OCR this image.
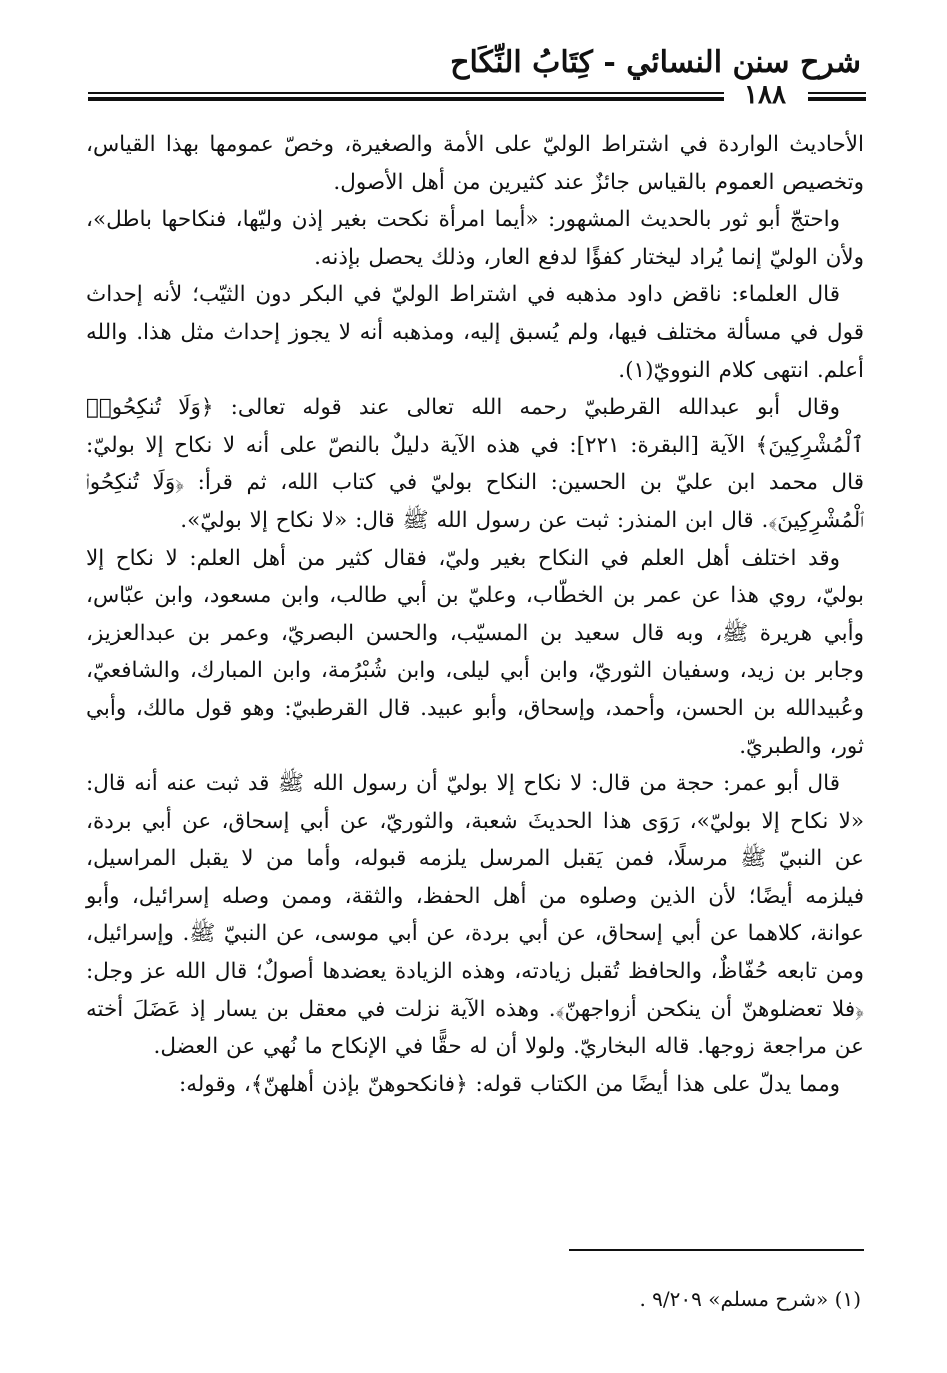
شرح سنن النسائي - كِتَابُ النِّكَاح
١٨٨

الأحاديث الواردة في اشتراط الوليّ على الأمة والصغيرة، وخصّ عمومها بهذا القياس، وتخصيص العموم بالقياس جائزٌ عند كثيرين من أهل الأصول.

واحتجّ أبو ثور بالحديث المشهور: «أيما امرأة نكحت بغير إذن وليّها، فنكاحها باطل»، ولأن الوليّ إنما يُراد ليختار كفؤًا لدفع العار، وذلك يحصل بإذنه.

قال العلماء: ناقض داود مذهبه في اشتراط الوليّ في البكر دون الثيّب؛ لأنه إحداث قول في مسألة مختلف فيها، ولم يُسبق إليه، ومذهبه أنه لا يجوز إحداث مثل هذا. والله أعلم. انتهى كلام النوويّ(١).

وقال أبو عبدالله القرطبيّ رحمه الله تعالى عند قوله تعالى: ﴿وَلَا تُنكِحُوا۟ ٱلْمُشْرِكِينَ﴾ الآية [البقرة: ٢٢١]: في هذه الآية دليلٌ بالنصّ على أنه لا نكاح إلا بوليّ: قال محمد ابن عليّ بن الحسين: النكاح بوليّ في كتاب الله، ثم قرأ: ﴿وَلَا تُنكِحُوا۟ ٱلْمُشْرِكِينَ﴾. قال ابن المنذر: ثبت عن رسول الله ﷺ قال: «لا نكاح إلا بوليّ».

وقد اختلف أهل العلم في النكاح بغير وليّ، فقال كثير من أهل العلم: لا نكاح إلا بوليّ، روي هذا عن عمر بن الخطّاب، وعليّ بن أبي طالب، وابن مسعود، وابن عبّاس، وأبي هريرة ﷺ، وبه قال سعيد بن المسيّب، والحسن البصريّ، وعمر بن عبدالعزيز، وجابر بن زيد، وسفيان الثوريّ، وابن أبي ليلى، وابن شُبْرُمة، وابن المبارك، والشافعيّ، وعُبيدالله بن الحسن، وأحمد، وإسحاق، وأبو عبيد. قال القرطبيّ: وهو قول مالك، وأبي ثور، والطبريّ.

قال أبو عمر: حجة من قال: لا نكاح إلا بوليّ أن رسول الله ﷺ قد ثبت عنه أنه قال: «لا نكاح إلا بوليّ»، رَوَى هذا الحديثَ شعبة، والثوريّ، عن أبي إسحاق، عن أبي بردة، عن النبيّ ﷺ مرسلًا، فمن يَقبل المرسل يلزمه قبوله، وأما من لا يقبل المراسيل، فيلزمه أيضًا؛ لأن الذين وصلوه من أهل الحفظ، والثقة، وممن وصله إسرائيل، وأبو عوانة، كلاهما عن أبي إسحاق، عن أبي بردة، عن أبي موسى، عن النبيّ ﷺ. وإسرائيل، ومن تابعه حُفّاظٌ، والحافظ تُقبل زيادته، وهذه الزيادة يعضدها أصولٌ؛ قال الله عز وجل: ﴿فلا تعضلوهنّ أن ينكحن أزواجهنّ﴾. وهذه الآية نزلت في معقل بن يسار إذ عَضَلَ أخته عن مراجعة زوجها. قاله البخاريّ. ولولا أن له حقًّا في الإنكاح ما نُهي عن العضل.

ومما يدلّ على هذا أيضًا من الكتاب قوله: ﴿فانكحوهنّ بإذن أهلهنّ﴾، وقوله:

(١) «شرح مسلم» ٩/٢٠٩ .
